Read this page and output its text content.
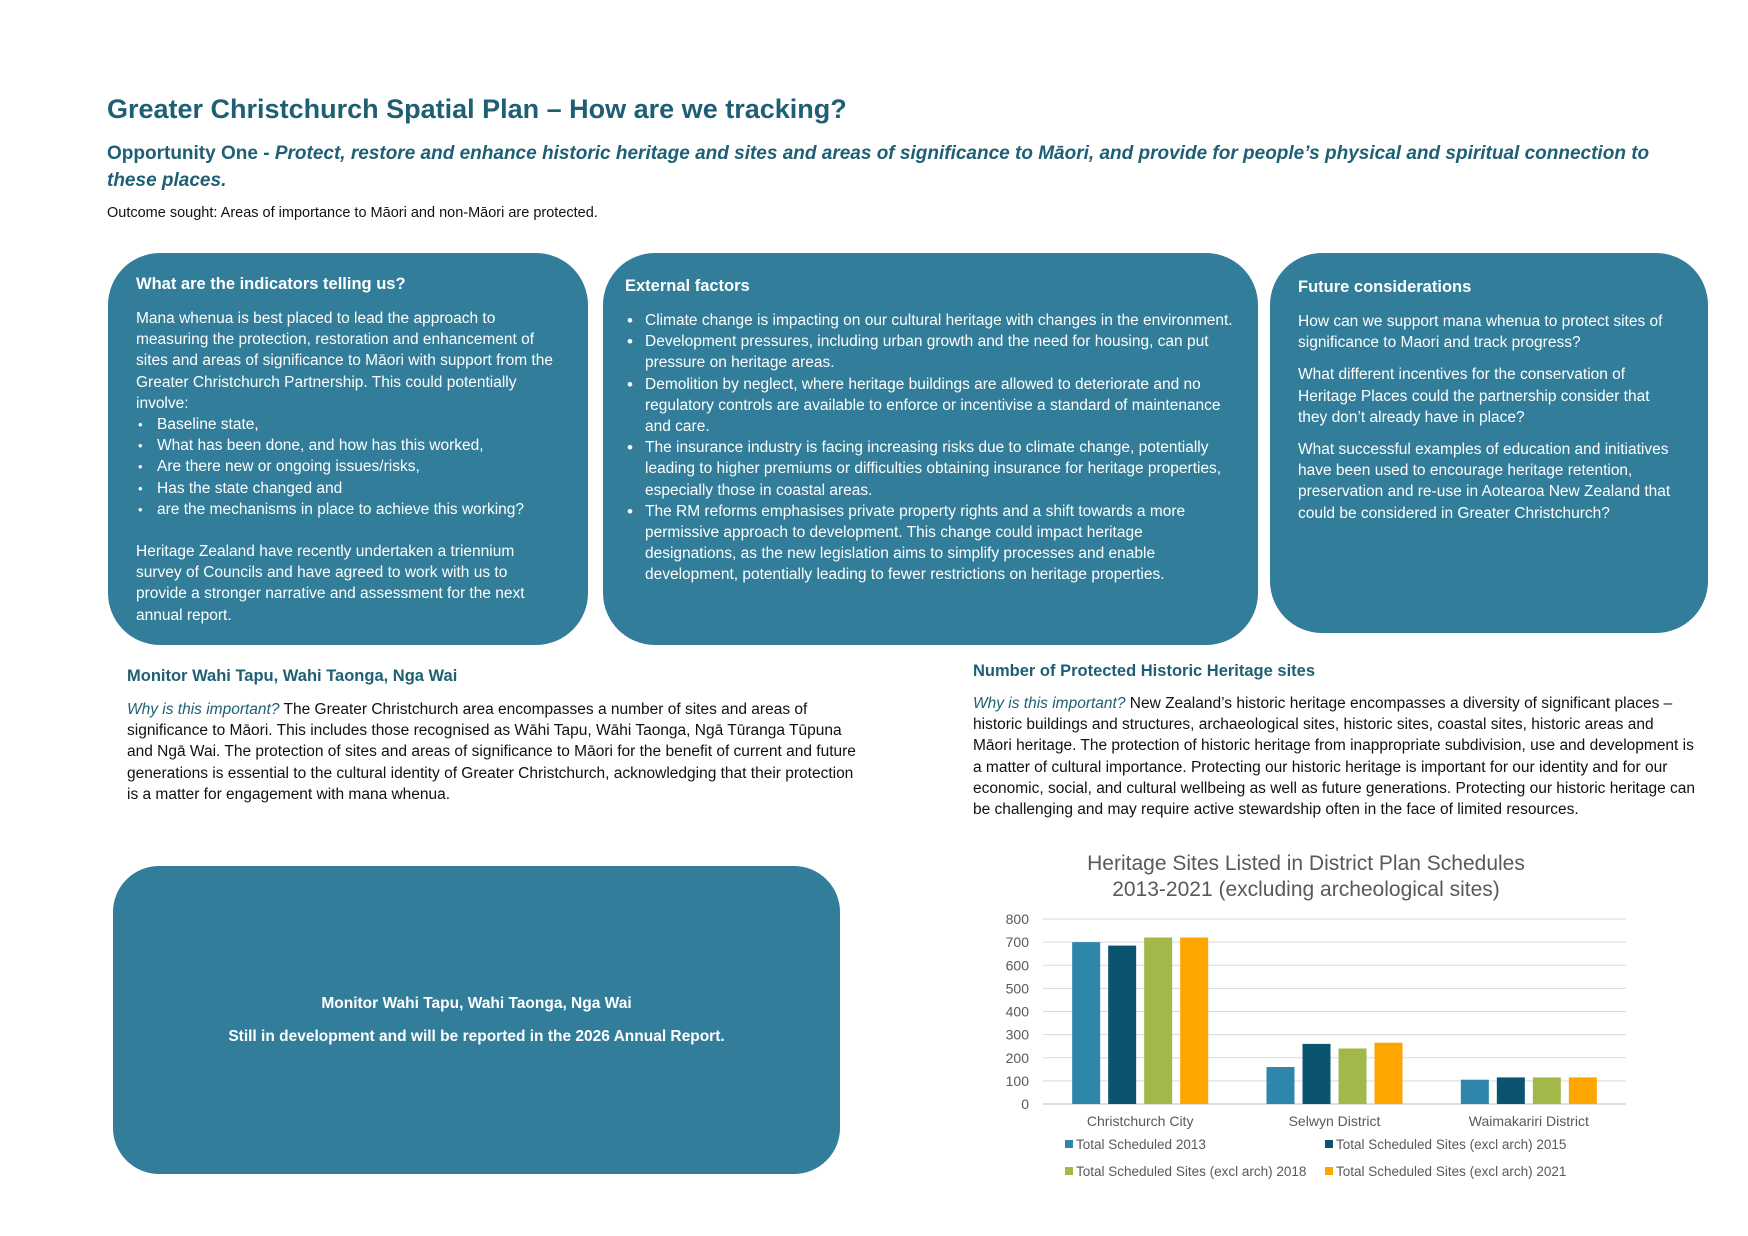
Greater Christchurch Spatial Plan – How are we tracking?
Opportunity One - Protect, restore and enhance historic heritage and sites and areas of significance to Māori, and provide for people’s physical and spiritual connection to these places.
Outcome sought: Areas of importance to Māori and non-Māori are protected.
What are the indicators telling us?

Mana whenua is best placed to lead the approach to measuring the protection, restoration and enhancement of sites and areas of significance to Māori with support from the Greater Christchurch Partnership. This could potentially involve:

• Baseline state,
• What has been done, and how has this worked,
• Are there new or ongoing issues/risks,
• Has the state changed and
• are the mechanisms in place to achieve this working?

Heritage Zealand have recently undertaken a triennium survey of Councils and have agreed to work with us to provide a stronger narrative and assessment for the next annual report.

External factors
• Climate change is impacting on our cultural heritage with changes in the environment.
• Development pressures, including urban growth and the need for housing, can put pressure on heritage areas.
• Demolition by neglect, where heritage buildings are allowed to deteriorate and no regulatory controls are available to enforce or incentivise a standard of maintenance and care.
• The insurance industry is facing increasing risks due to climate change, potentially leading to higher premiums or difficulties obtaining insurance for heritage properties, especially those in coastal areas.
• The RM reforms emphasises private property rights and a shift towards a more permissive approach to development. This change could impact heritage designations, as the new legislation aims to simplify processes and enable development, potentially leading to fewer restrictions on heritage properties.
Future considerations

How can we support mana whenua to protect sites of significance to Maori and track progress?

What different incentives for the conservation of Heritage Places could the partnership consider that they don’t already have in place?

What successful examples of education and initiatives have been used to encourage heritage retention, preservation and re-use in Aotearoa New Zealand that could be considered in Greater Christchurch?

Monitor Wahi Tapu, Wahi Taonga, Nga Wai
Why is this important? The Greater Christchurch area encompasses a number of sites and areas of significance to Māori. This includes those recognised as Wāhi Tapu, Wāhi Taonga, Ngā Tūranga Tūpuna and Ngā Wai. The protection of sites and areas of significance to Māori for the benefit of current and future generations is essential to the cultural identity of Greater Christchurch, acknowledging that their protection is a matter for engagement with mana whenua.
Monitor Wahi Tapu, Wahi Taonga, Nga Wai
Still in development and will be reported in the 2026 Annual Report.
Number of Protected Historic Heritage sites
Why is this important? New Zealand’s historic heritage encompasses a diversity of significant places – historic buildings and structures, archaeological sites, historic sites, coastal sites, historic areas and Māori heritage. The protection of historic heritage from inappropriate subdivision, use and development is a matter of cultural importance. Protecting our historic heritage is important for our identity and for our economic, social, and cultural wellbeing as well as future generations. Protecting our historic heritage can be challenging and may require active stewardship often in the face of limited resources.
Heritage Sites Listed in District Plan Schedules
2013-2021 (excluding archeological sites)
0
100
200
300
400
500
600
700
800
Christchurch City	Selwyn District	Waimakariri District
Total Scheduled 2013	Total Scheduled Sites (excl arch) 2015
Total Scheduled Sites (excl arch) 2018 Total Scheduled Sites (excl arch) 2021
